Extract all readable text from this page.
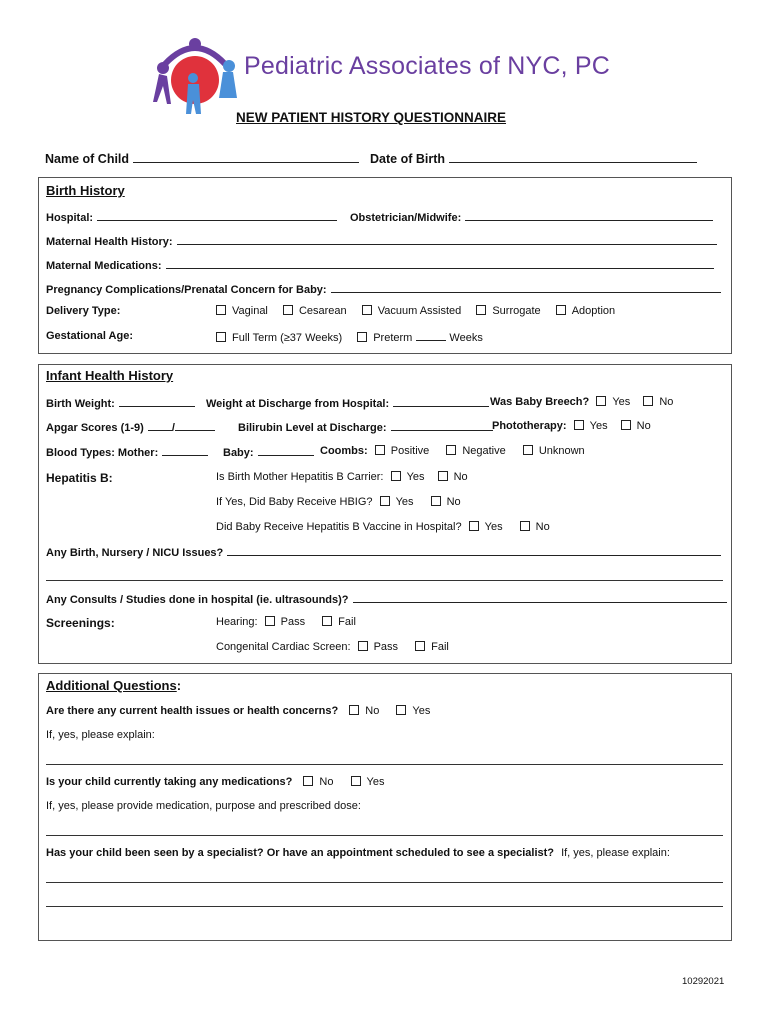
Pediatric Associates of NYC, PC
NEW PATIENT HISTORY QUESTIONNAIRE
Name of Child	Date of Birth
Birth History
Hospital:	Obstetrician/Midwife:
Maternal Health History:
Maternal Medications:
Pregnancy Complications/Prenatal Concern for Baby:
Delivery Type:	Vaginal	Cesarean	Vacuum Assisted	Surrogate	Adoption
Gestational Age:	Full Term (≥37 Weeks)	Preterm	Weeks
Infant Health History
Birth Weight:	Weight at Discharge from Hospital:	Was Baby Breech? Yes	No
Apgar Scores (1-9)	/	Bilirubin Level at Discharge:	Phototherapy: Yes	No
Blood Types: Mother:	Baby:	Coombs: Positive	Negative	Unknown
Hepatitis B:	Is Birth Mother Hepatitis B Carrier: Yes	No
If Yes, Did Baby Receive HBIG? Yes	No
Did Baby Receive Hepatitis B Vaccine in Hospital? Yes	No
Any Birth, Nursery / NICU Issues?
Any Consults / Studies done in hospital (ie. ultrasounds)?
Screenings:	Hearing: Pass	Fail
Congenital Cardiac Screen: Pass	Fail
Additional Questions:
Are there any current health issues or health concerns? No	Yes
If, yes, please explain:
Is your child currently taking any medications? No	Yes
If, yes, please provide medication, purpose and prescribed dose:
Has your child been seen by a specialist? Or have an appointment scheduled to see a specialist? If, yes, please explain:
10292021
